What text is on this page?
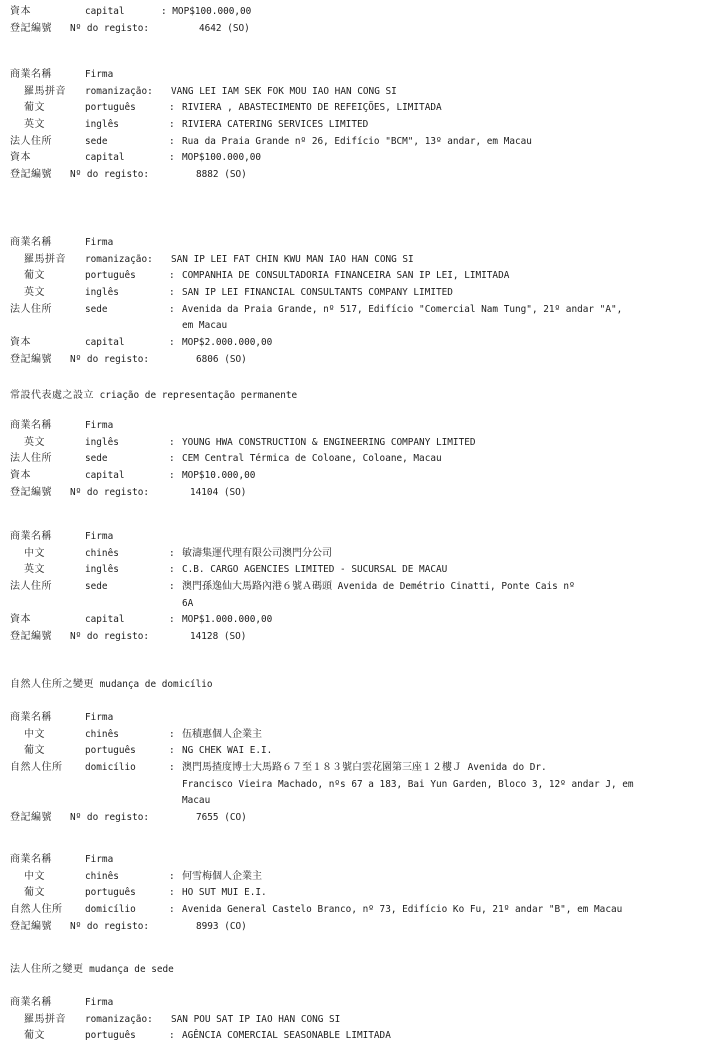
資本	capital	: MOP$100.000,00
登記編號 Nº do registo:	4642 (SO)
商業名稱	Firma
羅馬拼音 romanização: VANG LEI IAM SEK FOK MOU IAO HAN CONG SI
葡文	português	: RIVIERA , ABASTECIMENTO DE REFEIÇÕES, LIMITADA
英文	inglês	: RIVIERA CATERING SERVICES LIMITED
法人住所	sede	: Rua da Praia Grande nº 26, Edifício "BCM", 13º andar, em Macau
資本	capital	: MOP$100.000,00
登記編號 Nº do registo:	8882 (SO)
商業名稱	Firma
羅馬拼音 romanização: SAN IP LEI FAT CHIN KWU MAN IAO HAN CONG SI
葡文	português	: COMPANHIA DE CONSULTADORIA FINANCEIRA SAN IP LEI, LIMITADA
英文	inglês	: SAN IP LEI FINANCIAL CONSULTANTS COMPANY LIMITED
法人住所	sede	: Avenida da Praia Grande, nº 517, Edifício "Comercial Nam Tung", 21º andar "A",
em Macau
資本	capital	: MOP$2.000.000,00
登記編號 Nº do registo:	6806 (SO)
常設代表處之設立 criação de representação permanente
商業名稱	Firma
英文	inglês	: YOUNG HWA CONSTRUCTION & ENGINEERING COMPANY LIMITED
法人住所	sede	: CEM Central Térmica de Coloane, Coloane, Macau
資本	capital	: MOP$10.000,00
登記編號 Nº do registo:	14104 (SO)
商業名稱	Firma
中文	chinês	: 敏濤集運代理有限公司澳門分公司
英文	inglês	: C.B. CARGO AGENCIES LIMITED - SUCURSAL DE MACAU
法人住所	sede	: 澳門孫逸仙大馬路內港６號Ａ碼頭 Avenida de Demétrio Cinatti, Ponte Cais nº
6A
資本	capital	: MOP$1.000.000,00
登記編號 Nº do registo:	14128 (SO)
自然人住所之變更 mudança de domicílio
商業名稱	Firma
中文	chinês	: 伍積惠個人企業主
葡文	português	: NG CHEK WAI E.I.
自然人住所 domicílio	: 澳門馬揸度博士大馬路６７至１８３號白雲花園第三座１２樓Ｊ Avenida do Dr.
Francisco Vieira Machado, nºs 67 a 183, Bai Yun Garden, Bloco 3, 12º andar J, em
Macau
登記編號 Nº do registo:	7655 (CO)
商業名稱	Firma
中文	chinês	: 何雪梅個人企業主
葡文	português	: HO SUT MUI E.I.
自然人住所 domicílio	: Avenida General Castelo Branco, nº 73, Edifício Ko Fu, 21º andar "B", em Macau
登記編號 Nº do registo:	8993 (CO)
法人住所之變更 mudança de sede
商業名稱	Firma
羅馬拼音 romanização: SAN POU SAT IP IAO HAN CONG SI
葡文	português	: AGÊNCIA COMERCIAL SEASONABLE LIMITADA
